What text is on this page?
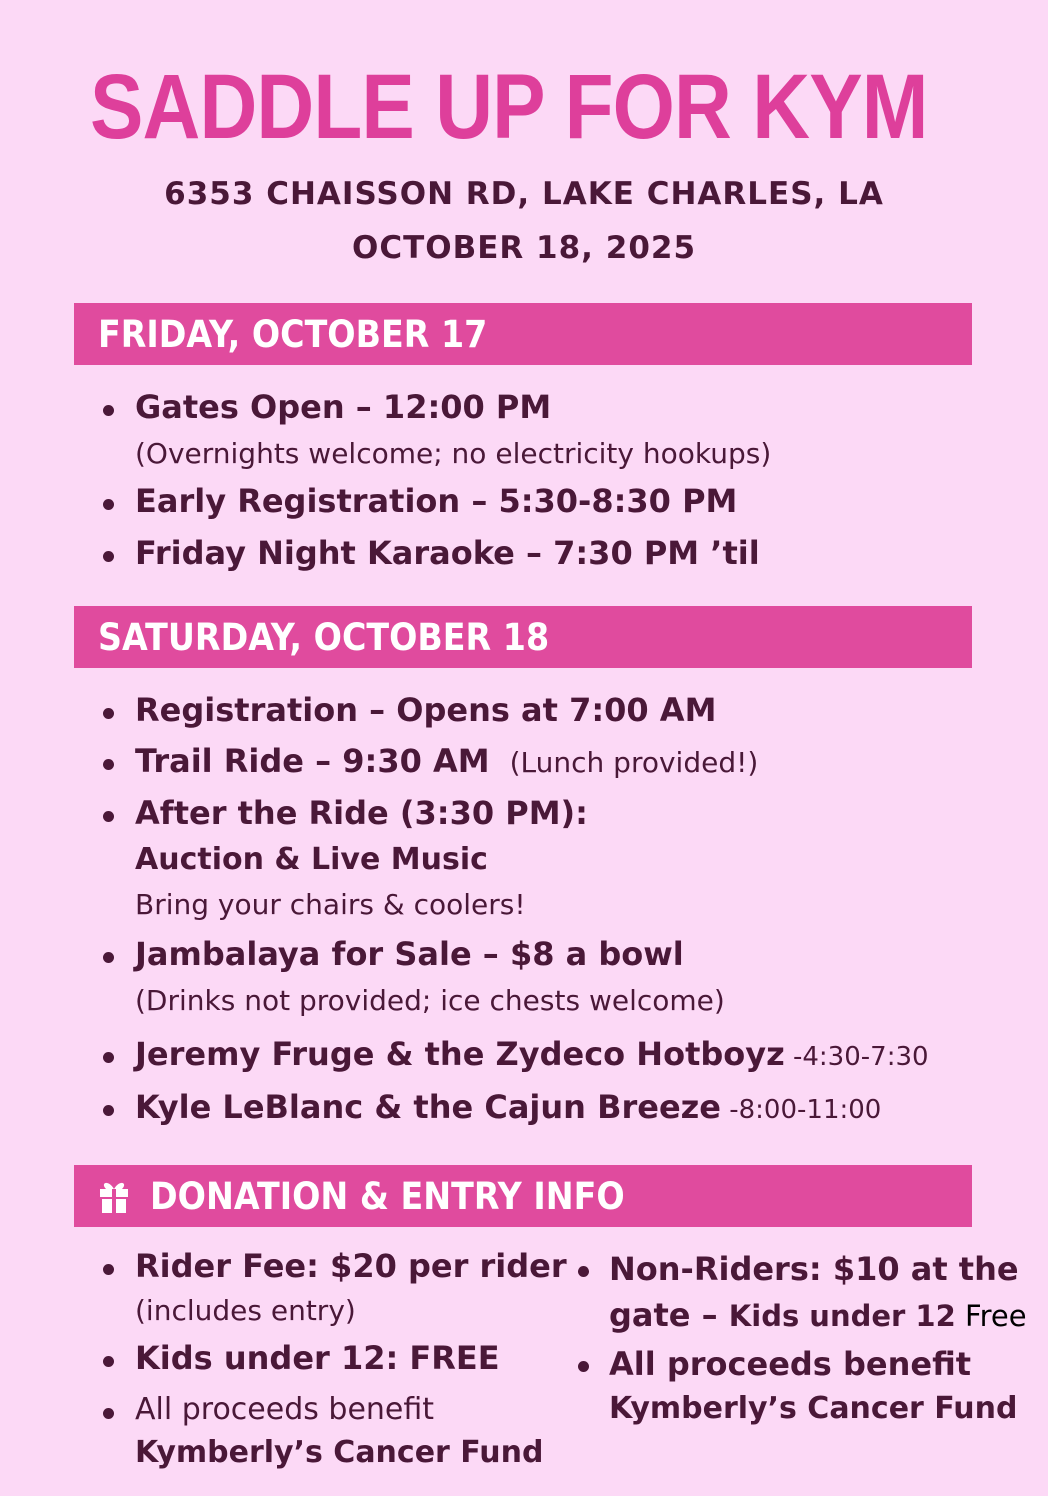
SADDLE UP FOR KYM
6353 CHAISSON RD, LAKE CHARLES, LA
OCTOBER 18, 2025
FRIDAY, OCTOBER 17
Gates Open – 12:00 PM
(Overnights welcome; no electricity hookups)
Early Registration – 5:30-8:30 PM
Friday Night Karaoke – 7:30 PM ’til
SATURDAY, OCTOBER 18
Registration – Opens at 7:00 AM
Trail Ride – 9:30 AM (Lunch provided!)
After the Ride (3:30 PM):
Auction & Live Music
Bring your chairs & coolers!
Jambalaya for Sale – $8 a bowl
(Drinks not provided; ice chests welcome)
Jeremy Fruge & the Zydeco Hotboyz -4:30-7:30
Kyle LeBlanc & the Cajun Breeze -8:00-11:00
DONATION & ENTRY INFO
Rider Fee: $20 per rider
(includes entry)
Kids under 12: FREE
All proceeds benefit
Kymberly’s Cancer Fund
Non-Riders: $10 at the
gate – Kids under 12 Free
All proceeds benefit
Kymberly’s Cancer Fund
